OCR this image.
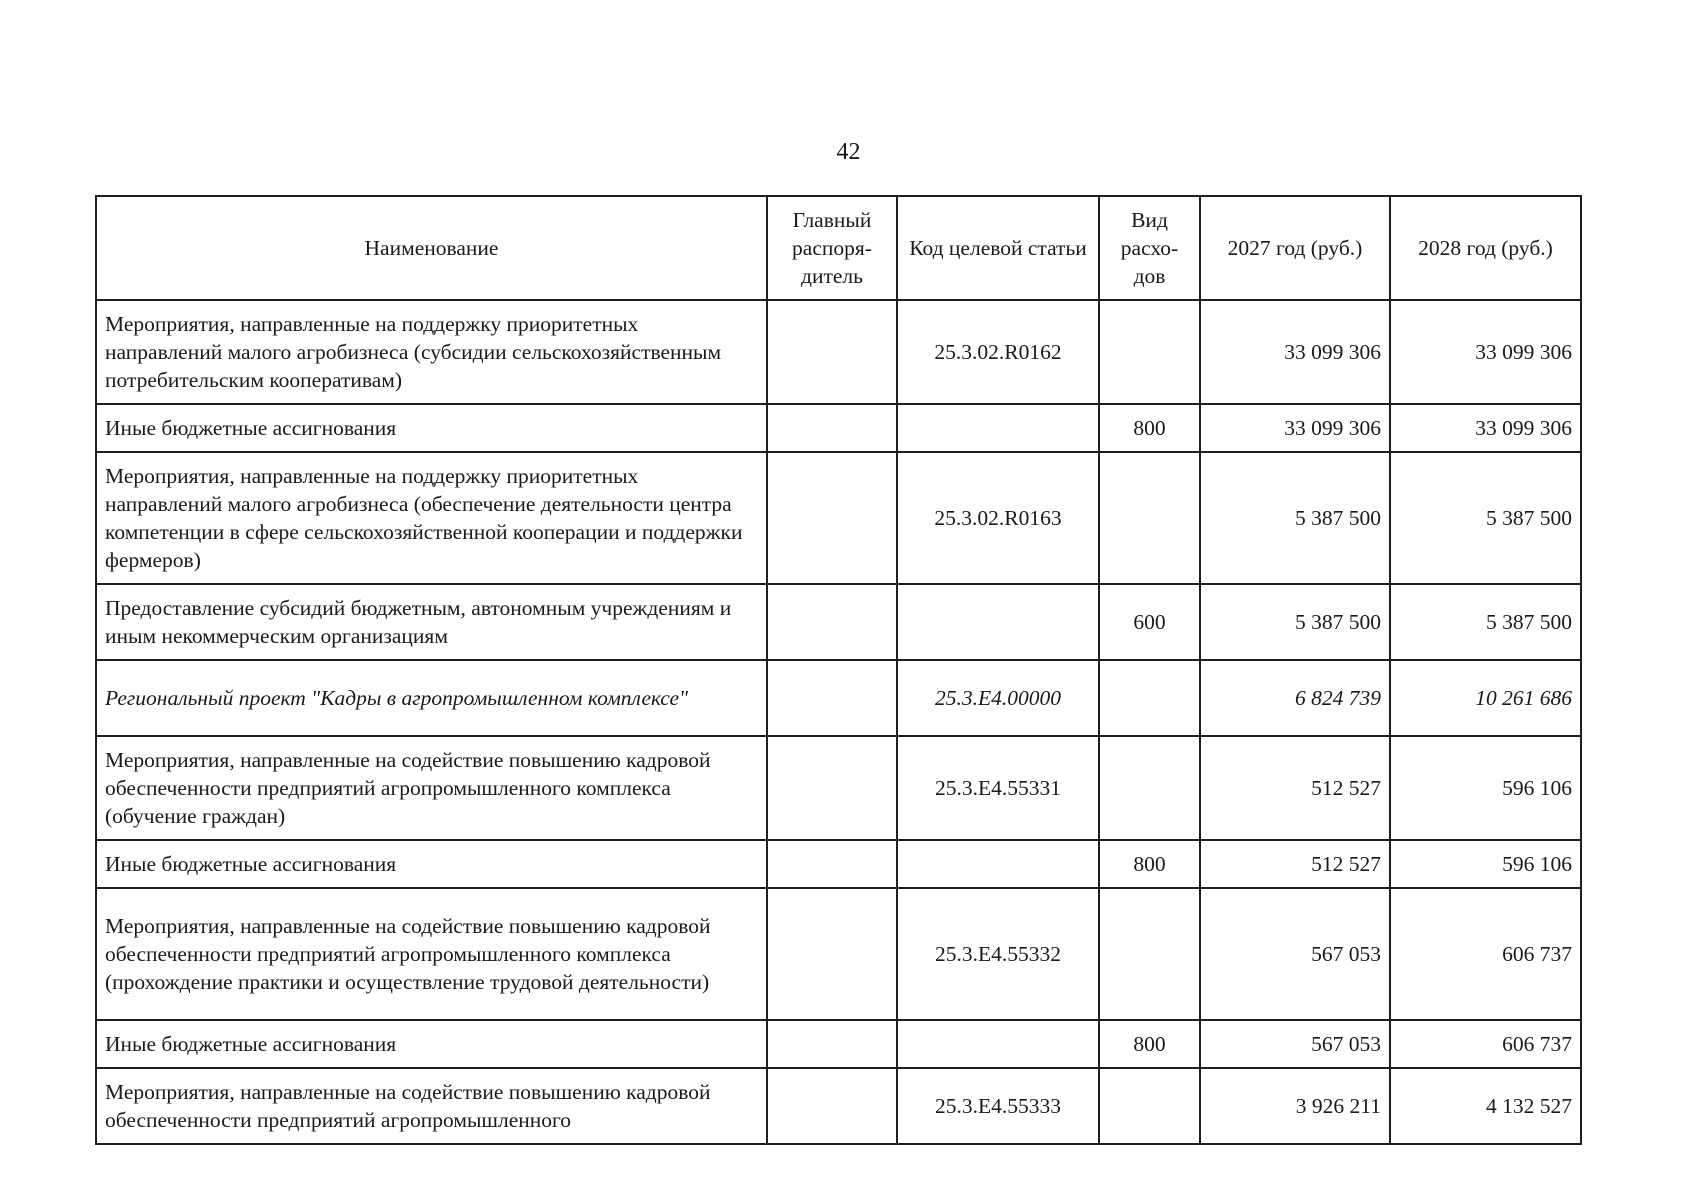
42
Наименование	Главный распоря-дитель	Код целевой статьи	Вид расхо-дов	2027 год (руб.)	2028 год (руб.)
Мероприятия, направленные на поддержку приоритетных направлений малого агробизнеса (субсидии сельскохозяйственным потребительским кооперативам)		25.3.02.R0162		33 099 306	33 099 306
Иные бюджетные ассигнования			800	33 099 306	33 099 306
Мероприятия, направленные на поддержку приоритетных направлений малого агробизнеса (обеспечение деятельности центра компетенции в сфере сельскохозяйственной кооперации и поддержки фермеров)		25.3.02.R0163		5 387 500	5 387 500
Предоставление субсидий бюджетным, автономным учреждениям и иным некоммерческим организациям			600	5 387 500	5 387 500
Региональный проект "Кадры в агропромышленном комплексе"		25.3.Е4.00000		6 824 739	10 261 686
Мероприятия, направленные на содействие повышению кадровой обеспеченности предприятий агропромышленного комплекса (обучение граждан)		25.3.Е4.55331		512 527	596 106
Иные бюджетные ассигнования			800	512 527	596 106
Мероприятия, направленные на содействие повышению кадровой обеспеченности предприятий агропромышленного комплекса (прохождение практики и осуществление трудовой деятельности)		25.3.Е4.55332		567 053	606 737
Иные бюджетные ассигнования			800	567 053	606 737
Мероприятия, направленные на содействие повышению кадровой обеспеченности предприятий агропромышленного		25.3.Е4.55333		3 926 211	4 132 527
